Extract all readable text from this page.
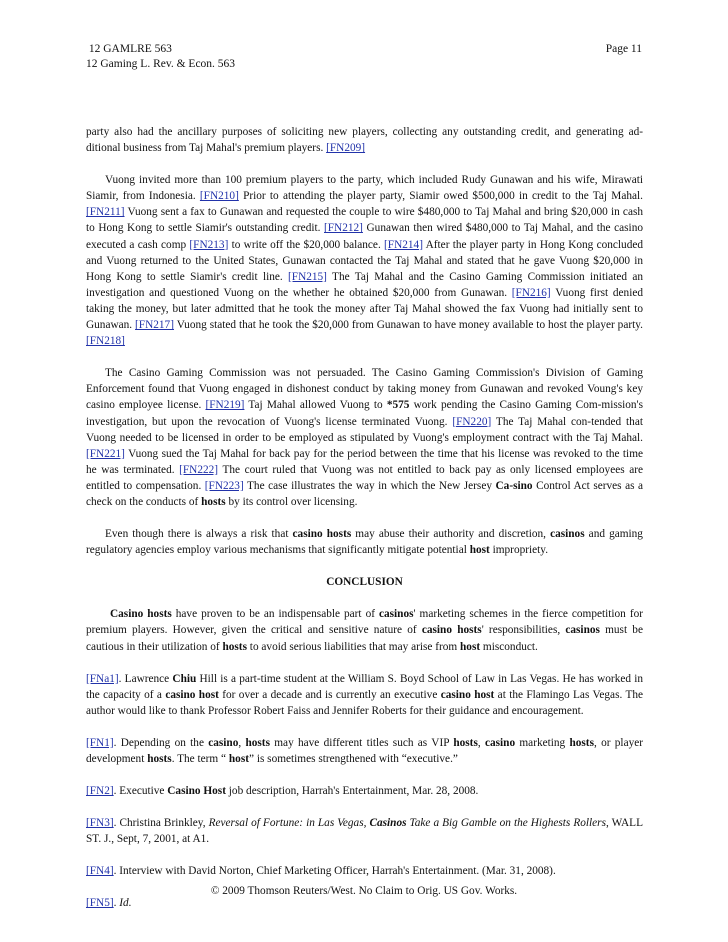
12 GAMLRE 563	Page 11
12 Gaming L. Rev. & Econ. 563

party also had the ancillary purposes of soliciting new players, collecting any outstanding credit, and generating ad-ditional business from Taj Mahal's premium players. [FN209]

Vuong invited more than 100 premium players to the party, which included Rudy Gunawan and his wife, Mirawati Siamir, from Indonesia. [FN210] Prior to attending the player party, Siamir owed $500,000 in credit to the Taj Mahal. [FN211] Vuong sent a fax to Gunawan and requested the couple to wire $480,000 to Taj Mahal and bring $20,000 in cash to Hong Kong to settle Siamir's outstanding credit. [FN212] Gunawan then wired $480,000 to Taj Mahal, and the casino executed a cash comp [FN213] to write off the $20,000 balance. [FN214] After the player party in Hong Kong concluded and Vuong returned to the United States, Gunawan contacted the Taj Mahal and stated that he gave Vuong $20,000 in Hong Kong to settle Siamir's credit line. [FN215] The Taj Mahal and the Casino Gaming Commission initiated an investigation and questioned Vuong on the whether he obtained $20,000 from Gunawan. [FN216] Vuong first denied taking the money, but later admitted that he took the money after Taj Mahal showed the fax Vuong had initially sent to Gunawan. [FN217] Vuong stated that he took the $20,000 from Gunawan to have money available to host the player party. [FN218]

The Casino Gaming Commission was not persuaded. The Casino Gaming Commission's Division of Gaming Enforcement found that Vuong engaged in dishonest conduct by taking money from Gunawan and revoked Voung's key casino employee license. [FN219] Taj Mahal allowed Vuong to *575 work pending the Casino Gaming Com-mission's investigation, but upon the revocation of Vuong's license terminated Vuong. [FN220] The Taj Mahal con-tended that Vuong needed to be licensed in order to be employed as stipulated by Vuong's employment contract with the Taj Mahal. [FN221] Vuong sued the Taj Mahal for back pay for the period between the time that his license was revoked to the time he was terminated. [FN222] The court ruled that Vuong was not entitled to back pay as only licensed employees are entitled to compensation. [FN223] The case illustrates the way in which the New Jersey Ca-sino Control Act serves as a check on the conducts of hosts by its control over licensing.

Even though there is always a risk that casino hosts may abuse their authority and discretion, casinos and gaming regulatory agencies employ various mechanisms that significantly mitigate potential host impropriety.

CONCLUSION

Casino hosts have proven to be an indispensable part of casinos' marketing schemes in the fierce competition for premium players. However, given the critical and sensitive nature of casino hosts' responsibilities, casinos must be cautious in their utilization of hosts to avoid serious liabilities that may arise from host misconduct.

[FNa1]. Lawrence Chiu Hill is a part-time student at the William S. Boyd School of Law in Las Vegas. He has worked in the capacity of a casino host for over a decade and is currently an executive casino host at the Flamingo Las Vegas. The author would like to thank Professor Robert Faiss and Jennifer Roberts for their guidance and encouragement.

[FN1]. Depending on the casino, hosts may have different titles such as VIP hosts, casino marketing hosts, or player development hosts. The term “ host” is sometimes strengthened with “executive.”

[FN2]. Executive Casino Host job description, Harrah's Entertainment, Mar. 28, 2008.

[FN3]. Christina Brinkley, Reversal of Fortune: in Las Vegas, Casinos Take a Big Gamble on the Highests Rollers, WALL ST. J., Sept, 7, 2001, at A1.

[FN4]. Interview with David Norton, Chief Marketing Officer, Harrah's Entertainment. (Mar. 31, 2008).

[FN5]. Id.

© 2009 Thomson Reuters/West. No Claim to Orig. US Gov. Works.
